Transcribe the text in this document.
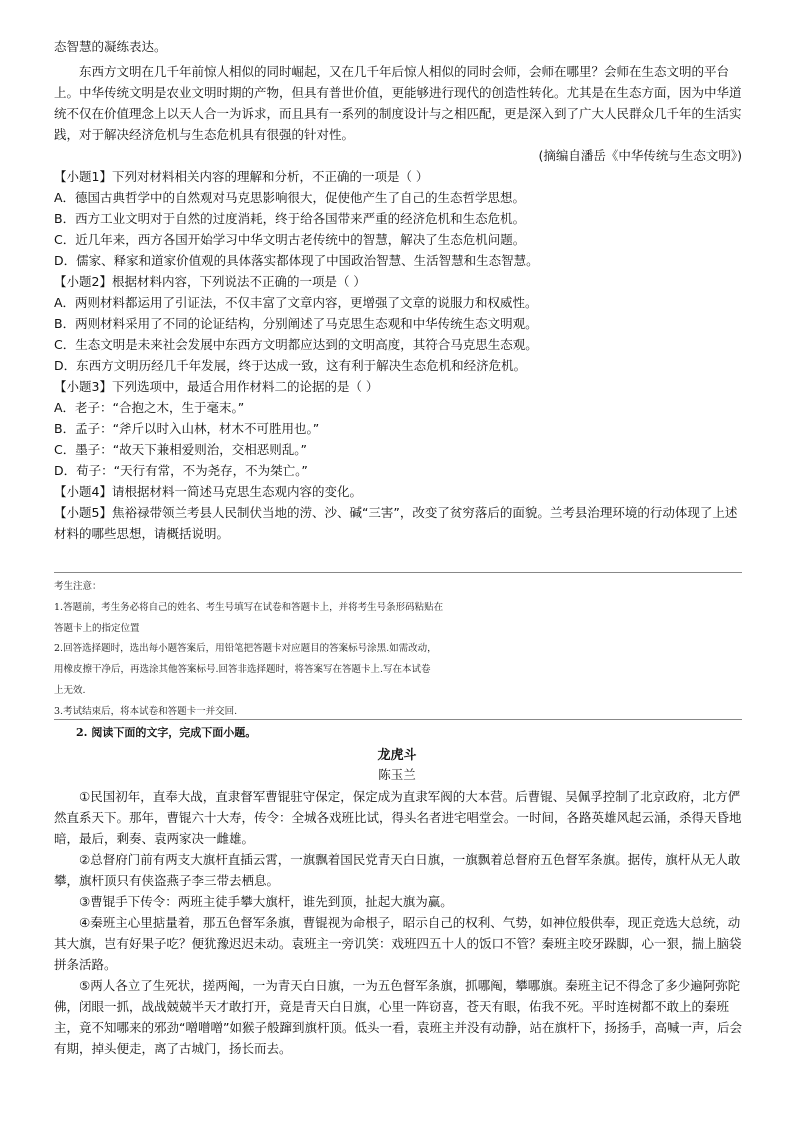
态智慧的凝练表达。

东西方文明在几千年前惊人相似的同时崛起，又在几千年后惊人相似的同时会师，会师在哪里？会师在生态文明的平台上。中华传统文明是农业文明时期的产物，但具有普世价值，更能够进行现代的创造性转化。尤其是在生态方面，因为中华道统不仅在价值理念上以天人合一为诉求，而且具有一系列的制度设计与之相匹配，更是深入到了广大人民群众几千年的生活实践，对于解决经济危机与生态危机具有很强的针对性。

(摘编自潘岳《中华传统与生态文明》)

【小题1】下列对材料相关内容的理解和分析，不正确的一项是（ ）

A．德国古典哲学中的自然观对马克思影响很大，促使他产生了自己的生态哲学思想。

B．西方工业文明对于自然的过度消耗，终于给各国带来严重的经济危机和生态危机。

C．近几年来，西方各国开始学习中华文明古老传统中的智慧，解决了生态危机问题。

D．儒家、释家和道家价值观的具体落实都体现了中国政治智慧、生活智慧和生态智慧。

【小题2】根据材料内容，下列说法不正确的一项是（ ）

A．两则材料都运用了引证法，不仅丰富了文章内容，更增强了文章的说服力和权威性。

B．两则材料采用了不同的论证结构，分别阐述了马克思生态观和中华传统生态文明观。

C．生态文明是未来社会发展中东西方文明都应达到的文明高度，其符合马克思生态观。

D．东西方文明历经几千年发展，终于达成一致，这有利于解决生态危机和经济危机。

【小题3】下列选项中，最适合用作材料二的论据的是（ ）

A．老子：“合抱之木，生于毫末。”

B．孟子：“斧斤以时入山林，材木不可胜用也。”

C．墨子：“故天下兼相爱则治，交相恶则乱。”

D．荀子：“天行有常，不为尧存，不为桀亡。”

【小题4】请根据材料一简述马克思生态观内容的变化。

【小题5】焦裕禄带领兰考县人民制伏当地的涝、沙、碱“三害”，改变了贫穷落后的面貌。兰考县治理环境的行动体现了上述材料的哪些思想，请概括说明。

考生注意：
1.答题前，考生务必将自己的姓名、考生号填写在试卷和答题卡上，并将考生号条形码粘贴在
答题卡上的指定位置
2.回答选择题时，选出每小题答案后，用铅笔把答题卡对应题目的答案标号涂黑.如需改动，
用橡皮擦干净后，再选涂其他答案标号.回答非选择题时，将答案写在答题卡上.写在本试卷
上无效.
3.考试结束后，将本试卷和答题卡一并交回.
2. 阅读下面的文字，完成下面小题。
龙虎斗
陈玉兰

①民国初年，直奉大战，直隶督军曹锟驻守保定，保定成为直隶军阀的大本营。后曹锟、吴佩孚控制了北京政府，北方俨然直系天下。那年，曹锟六十大寿，传令：全城各戏班比试，得头名者进宅唱堂会。一时间，各路英雄风起云涌，杀得天昏地暗，最后，剩奏、袁两家决一雌雄。

②总督府门前有两支大旗杆直插云霄，一旗飘着国民党青天白日旗，一旗飘着总督府五色督军条旗。据传，旗杆从无人敢攀，旗杆顶只有侠盗燕子李三带去栖息。

③曹锟手下传令：两班主徒手攀大旗杆，谁先到顶，扯起大旗为赢。

④秦班主心里掂量着，那五色督军条旗，曹锟视为命根子，昭示自己的权利、气势，如神位般供奉，现正竞选大总统，动其大旗，岂有好果子吃？便犹豫迟迟未动。袁班主一旁讥笑：戏班四五十人的饭口不管？秦班主咬牙跺脚，心一狠，揣上脑袋拼条活路。

⑤两人各立了生死状，搓两阄，一为青天白日旗，一为五色督军条旗，抓哪阄，攀哪旗。秦班主记不得念了多少遍阿弥陀佛，闭眼一抓，战战兢兢半天才敢打开，竟是青天白日旗，心里一阵窃喜，苍天有眼，佑我不死。平时连树都不敢上的秦班主，竟不知哪来的邪劲“噌噌噌”如猴子般蹿到旗杆顶。低头一看，袁班主并没有动静，站在旗杆下，扬扬手，高喊一声，后会有期，掉头便走，离了古城门，扬长而去。
